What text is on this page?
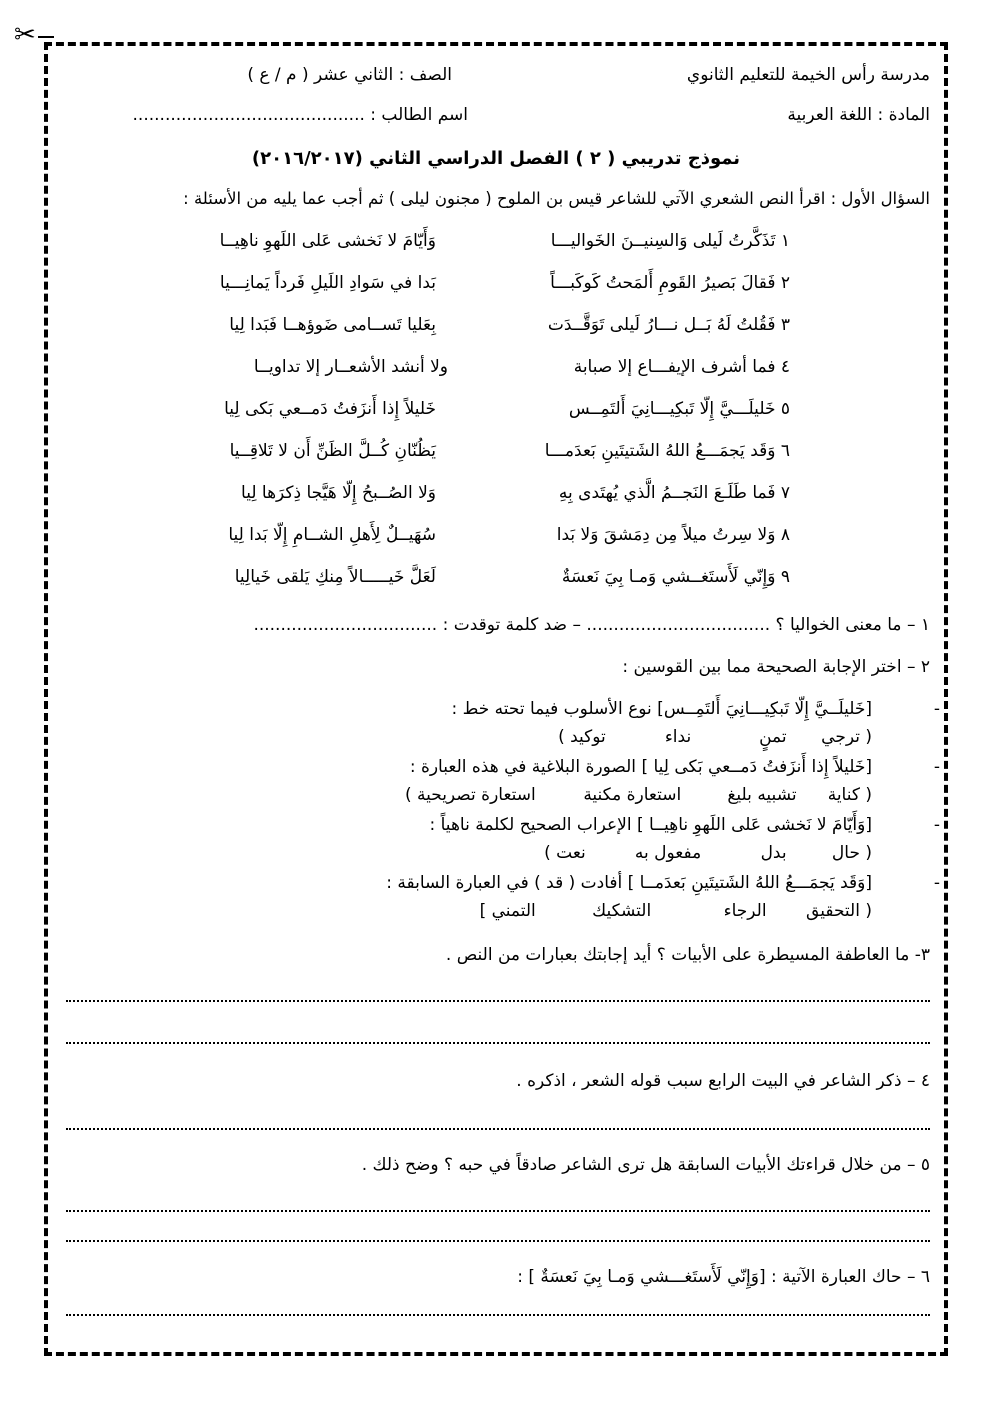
✂
مدرسة رأس الخيمة للتعليم الثانوي
الصف : الثاني عشر ( م / ع )
المادة : اللغة العربية
اسم الطالب : ...........................................
نموذج تدريبي ( ٢ ) الفصل الدراسي الثاني (٢٠١٦/٢٠١٧)
السؤال الأول : اقرأ النص الشعري الآتي للشاعر قيس بن الملوح ( مجنون ليلى ) ثم أجب عما يليه من الأسئلة :
١ تَذَكَّرتُ لَيلى وَالسِنيــنَ الخَواليـــا
وَأَيّامَ لا نَخشى عَلى اللَهوِ ناهِيــا
٢ فَقالَ بَصيرُ القَومِ أَلمَحتُ كَوكَبـــاً
بَدا في سَوادِ اللَيلِ فَرداً يَمانِـــيا
٣ فَقُلتُ لَهُ بَــل نـــارُ لَيلى تَوَقَّــدَت
بِعَليا تَســامى ضَوؤهــا فَبَدا لِيا
٤ فما أشرف الإيفـــاع إلا صبابة
ولا أنشد الأشعــار إلا تداويــا
٥ خَليلَـــيَّ إِلّا تَبكِيـــانِيَ أَلتَمِــس
خَليلاً إِذا أَنزَفتُ دَمــعي بَكى لِيا
٦ وَقَد يَجمَـــعُ اللهُ الشَتيتَينِ بَعدَمـــا
يَظُنّانِ كُــلَّ الظَنِّ أَن لا تَلاقِــيا
٧ فَما طَلَـعَ النَجــمُ الَّذي يُهتَدى بِهِ
وَلا الصُــبحُ إِلّا هَيَّجا ذِكرَها لِيا
٨ وَلا سِرتُ ميلاً مِن دِمَشقَ وَلا بَدا
سُهَيــلٌ لِأَهلِ الشــامِ إِلّا بَدا لِيا
٩ وَإِنّي لَأَستَغــشي وَمـا بِيَ نَعسَةٌ
لَعَلَّ خَيـــــالاً مِنكِ يَلقى خَيالِيا
١ – ما معنى الخواليا ؟ .................................. – ضد كلمة توقدت : ..................................
٢ – اختر الإجابة الصحيحة مما بين القوسين :
-
[خَليلَــيَّ إِلّا تَبكِيـــانِيَ أَلتَمِــس] نوع الأسلوب فيما تحته خط :
( ترجي تمنٍ نداء توكيد )
-
[خَليلاً إِذا أَنزَفتُ دَمــعي بَكى لِيا ] الصورة البلاغية في هذه العبارة :
( كناية تشبيه بليغ استعارة مكنية استعارة تصريحية )
-
[وَأَيّامَ لا نَخشى عَلى اللَهوِ ناهِيــا ] الإعراب الصحيح لكلمة ناهياً :
( حال بدل مفعول به نعت )
-
[وَقَد يَجمَـــعُ اللهُ الشَتيتَينِ بَعدَمــا ] أفادت ( قد ) في العبارة السابقة :
( التحقيق الرجاء التشكيك التمني ]
٣- ما العاطفة المسيطرة على الأبيات ؟ أيد إجابتك بعبارات من النص .
٤ – ذكر الشاعر في البيت الرابع سبب قوله الشعر ، اذكره .
٥ – من خلال قراءتك الأبيات السابقة هل ترى الشاعر صادقاً في حبه ؟ وضح ذلك .
٦ – حاك العبارة الآتية : [وَإِنّي لَأَستَغـــشي وَمـا بِيَ نَعسَةٌ ] :
